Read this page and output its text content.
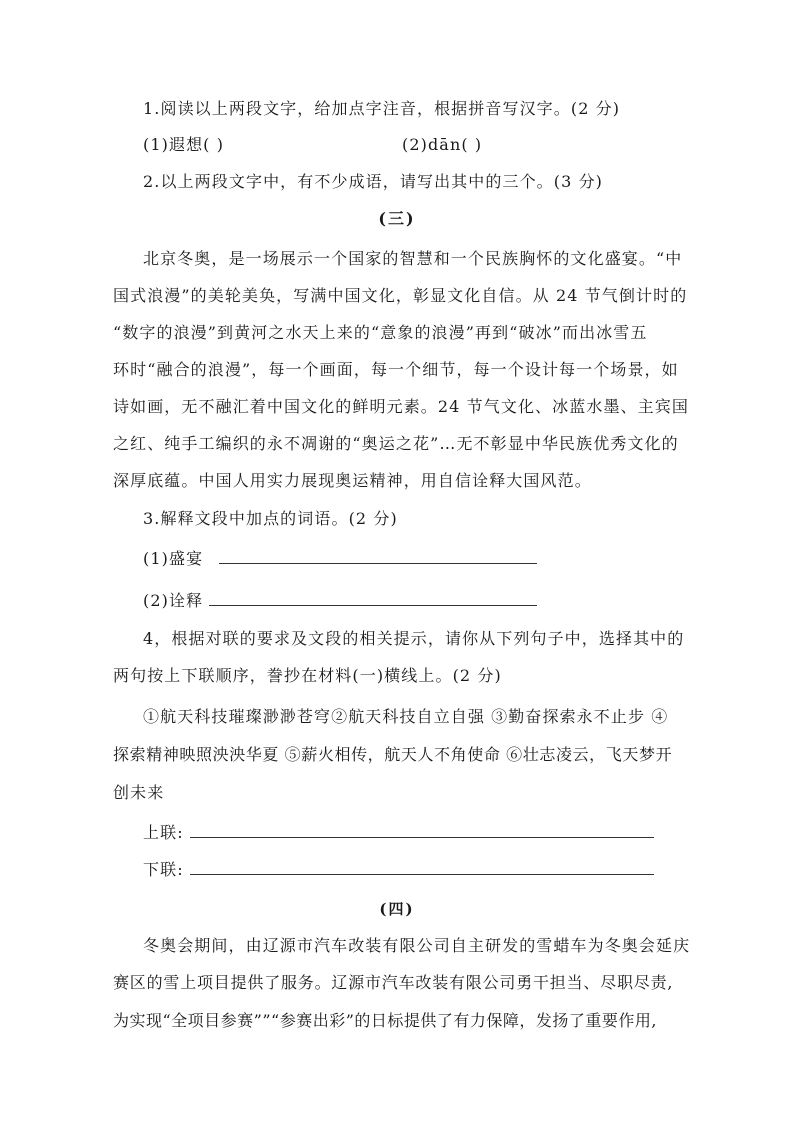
1.阅读以上两段文字，给加点字注音，根据拼音写汉字。(2 分)
(1)遐想( )	(2)dān( )
2.以上两段文字中，有不少成语，请写出其中的三个。(3 分)
(三)
北京冬奥，是一场展示一个国家的智慧和一个民族胸怀的文化盛宴。“中
国式浪漫”的美轮美奂，写满中国文化，彰显文化自信。从 24 节气倒计时的
“数字的浪漫”到黄河之水天上来的“意象的浪漫”再到“破冰”而出冰雪五
环时“融合的浪漫”，每一个画面，每一个细节，每一个设计每一个场景，如
诗如画，无不融汇着中国文化的鲜明元素。24 节气文化、冰蓝水墨、主宾国
之红、纯手工编织的永不凋谢的“奥运之花”…无不彰显中华民族优秀文化的
深厚底蕴。中国人用实力展现奥运精神，用自信诠释大国风范。
3.解释文段中加点的词语。(2 分)
(1)盛宴
(2)诠释
4，根据对联的要求及文段的相关提示，请你从下列句子中，选择其中的
两句按上下联顺序，誊抄在材料(一)横线上。(2 分)
①航天科技璀璨渺渺苍穹②航天科技自立自强 ③勤奋探索永不止步 ④
探索精神映照泱泱华夏 ⑤薪火相传，航天人不角使命 ⑥壮志凌云，飞天梦开
创未来
上联:
下联:
(四)
冬奥会期间，由辽源市汽车改装有限公司自主研发的雪蜡车为冬奥会延庆
赛区的雪上项目提供了服务。辽源市汽车改装有限公司勇干担当、尽职尽责,
为实现“全项目参赛””“参赛出彩”的日标提供了有力保障，发扬了重要作用,
